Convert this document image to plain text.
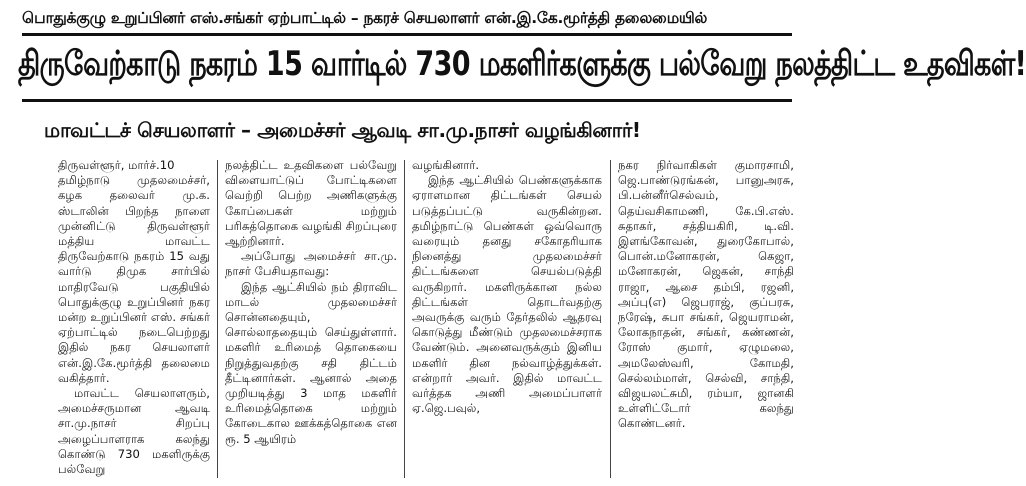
பொதுக்குழு உறுப்பினர் எஸ்.சங்கர் ஏற்பாட்டில் – நகரச் செயலாளர் என்.இ.கே.மூர்த்தி தலைமையில்
திருவேற்காடு நகரம் 15 வார்டில் 730 மகளிர்களுக்கு பல்வேறு நலத்திட்ட உதவிகள்!
மாவட்டச் செயலாளர் – அமைச்சர் ஆவடி சா.மு.நாசர் வழங்கினார்!

திருவள்ளூர், மார்ச்.10

தமிழ்நாடு முதலமைச்சர், கழக தலைவர் மு.க. ஸ்டாலின் பிறந்த நாளை முன்னிட்டு திருவள்ளூர் மத்திய மாவட்ட திருவேற்காடு நகரம் 15 வது வார்டு திமுக சார்பில் மாதிரவேடு பகுதியில் பொதுக்குழு உறுப்பினர் நகர மன்ற உறுப்பினர் எஸ். சங்கர் ஏற்பாட்டில் நடைபெற்றது இதில் நகர செயலாளர் என்.இ.கே.மூர்த்தி தலைமை வகித்தார்.

மாவட்ட செயலாளரும், அமைச்சருமான ஆவடி சா.மு.நாசர் சிறப்பு அழைப்பாளராக கலந்து கொண்டு 730 மகளிருக்கு பல்வேறு

நலத்திட்ட உதவிகளை பல்வேறு விளையாட்டுப் போட்டிகளை வெற்றி பெற்ற அணிகளுக்கு கோப்பைகள் மற்றும் பரிசுத்தொகை வழங்கி சிறப்புரை ஆற்றினார்.

அப்போது அமைச்சர் சா.மு. நாசர் பேசியதாவது:

இந்த ஆட்சியில் நம் திராவிட மாடல் முதலமைச்சர் சொன்னதையும், சொல்லாததையும் செய்துள்ளார். மகளிர் உரிமைத் தொகையை நிறுத்துவதற்கு சதி திட்டம் தீட்டினார்கள். ஆனால் அதை முறியடித்து 3 மாத மகளிர் உரிமைத்தொகை மற்றும் கோடைகால ஊக்கத்தொகை என ரூ. 5 ஆயிரம்

வழங்கினார்.

இந்த ஆட்சியில் பெண்களுக்காக ஏராளமான திட்டங்கள் செயல் படுத்தப்பட்டு வருகின்றன. தமிழ்நாட்டு பெண்கள் ஒவ்வொரு வரையும் தனது சகோதரியாக நினைத்து முதலமைச்சர் திட்டங்களை செயல்படுத்தி வருகிறார். மகளிருக்கான நல்ல திட்டங்கள் தொடர்வதற்கு அவருக்கு வரும் தேர்தலில் ஆதரவு கொடுத்து மீண்டும் முதலமைச்சராக வேண்டும். அனைவருக்கும் இனிய மகளிர் தின நல்வாழ்த்துக்கள். என்றார் அவர். இதில் மாவட்ட வர்த்தக அணி அமைப்பாளர் ஏ.ஜெ.பவுல்,

நகர நிர்வாகிகள் குமாரசாமி, ஜெ.பாண்டுரங்கன், பானுஅரசு, பி.பன்னீர்செல்வம், தெய்வசிகாமணி, கே.பி.எஸ். சுதாகர், சத்தியகிரி, டி.வி. இளங்கோவன், துரைகோபால், பொன்.மனோகரன், கெஜா, மனோகரன், ஜெகன், சாந்தி ராஜா, ஆசை தம்பி, ரஜனி, அப்பு(எ) ஜெபராஜ், குப்பரசு, நரேஷ், சுபா சங்கர், ஜெயராமன், லோகநாதன், சங்கர், கண்ணன், ரோஸ் குமார், ஏழுமலை, அமலேஸ்வரி, கோமதி, செல்லம்மாள், செல்வி, சாந்தி, விஜயலட்சுமி, ரம்யா, ஜானகி உள்ளிட்டோர் கலந்து கொண்டனர்.
